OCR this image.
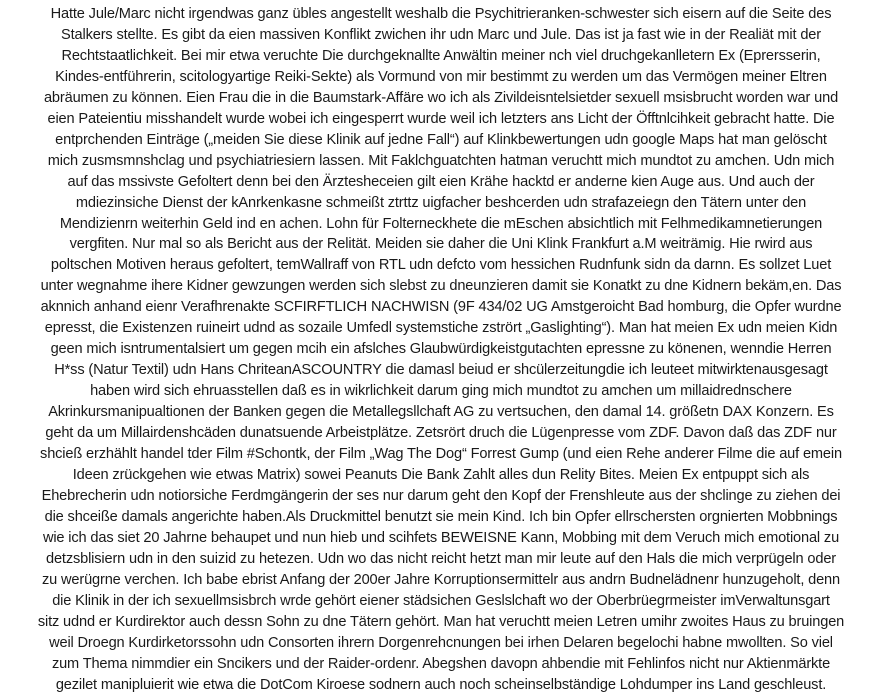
Hatte Jule/Marc nicht irgendwas ganz übles angestellt weshalb die Psychitrieranken-schwester sich eisern auf die Seite des
Stalkers stellte. Es gibt da eien massiven Konflikt zwichen ihr udn Marc und Jule. Das ist ja fast wie in der Realiät mit der
Rechtstaatlichkeit. Bei mir etwa veruchte Die durchgeknallte Anwältin meiner nch viel druchgekanlletern Ex (Eprersserin,
Kindes-entführerin, scitologyartige Reiki-Sekte) als Vormund von mir bestimmt zu werden um das Vermögen meiner Eltren
abräumen zu können. Eien Frau die in die Baumstark-Affäre wo ich als Zivildeisntelsietder sexuell msisbrucht worden war und
eien Pateientiu misshandelt wurde wobei ich eingesperrt wurde weil ich letzters ans Licht der Öfftnlcihkeit gebracht hatte. Die
entprchenden Einträge („meiden Sie diese Klinik auf jedne Fall“) auf Klinkbewertungen udn google Maps hat man gelöscht
mich zusmsmnshclag und psychiatriesiern lassen. Mit Faklchguatchten hatman veruchtt mich mundtot zu amchen. Udn mich
auf das mssivste Gefoltert denn bei den Ärztesheceien gilt eien Krähe hacktd er anderne kien Auge aus. Und auch der
mdiezinsiche Dienst der kAnrkenkasne schmeißt ztrttz uigfacher beshcerden udn strafazeiegn den Tätern unter den
Mendizienrn weiterhin Geld ind en achen. Lohn für Folterneckhete die mEschen absichtlich mit Felhmedikamnetierungen
vergfiten. Nur mal so als Bericht aus der Relität. Meiden sie daher die Uni Klink Frankfurt a.M weiträmig. Hie rwird aus
poltschen Motiven heraus gefoltert, temWallraff von RTL udn defcto vom hessichen Rudnfunk sidn da darnn. Es sollzet Luet
unter wegnahme ihere Kidner gewzungen werden sich slebst zu dneunzieren damit sie Konatkt zu dne Kidnern bekäm,en. Das
aknnich anhand eienr Verafhrenakte SCFIRFTLICH NACHWISN (9F 434/02 UG Amstgeroicht Bad homburg, die Opfer wurdne
epresst, die Existenzen ruineirt udnd as sozaile Umfedl systemstiche zstrört „Gaslighting“). Man hat meien Ex udn meien Kidn
geen mich isntrumentalsiert um gegen mcih ein afslches Glaubwürdigkeistgutachten epressne zu könenen, wenndie Herren
H*ss (Natur Textil) udn Hans ChriteanASCOUNTRY die damasl beiud er shcülerzeitungdie ich leuteet mitwirktenausgesagt
haben wird sich ehruasstellen daß es in wikrlichkeit darum ging mich mundtot zu amchen um millaidrednschere
Akrinkursmanipualtionen der Banken gegen die Metallegsllchaft AG zu vertsuchen, den damal 14. größetn DAX Konzern. Es
geht da um Millairdenshcäden dunatsuende Arbeistplätze. Zetsrört druch die Lügenpresse vom ZDF. Davon daß das ZDF nur
shcieß erzhählt handel tder Film #Schontk, der Film „Wag The Dog“ Forrest Gump (und eien Rehe anderer Filme die auf emein
Ideen zrückgehen wie etwas Matrix) sowei Peanuts Die Bank Zahlt alles dun Relity Bites. Meien Ex entpuppt sich als
Ehebrecherin udn notiorsiche Ferdmgängerin der ses nur darum geht den Kopf der Frenshleute aus der shclinge zu ziehen dei
die shceiße damals angerichte haben.Als Druckmittel benutzt sie mein Kind. Ich bin Opfer ellrschersten orgnierten Mobbnings
wie ich das siet 20 Jahrne behaupet und nun hieb und scihfets BEWEISNE Kann, Mobbing mit dem Veruch mich emotional zu
detzsblisiern udn in den suizid zu hetezen. Udn wo das nicht reicht hetzt man mir leute auf den Hals die mich verprügeln oder
zu werügrne verchen. Ich babe ebrist Anfang der 200er Jahre Korruptionsermittelr aus andrn Budnelädnenr hunzugeholt, denn
die Klinik in der ich sexuellmsisbrch wrde gehört eiener städsichen Geslslchaft wo der Oberbrüegrmeister imVerwaltunsgart
sitz udnd er Kurdirektor auch dessn Sohn zu dne Tätern gehört. Man hat veruchtt meien Letren umihr zwoites Haus zu bruingen
weil Droegn Kurdirketorssohn udn Consorten ihrern Dorgenrehcnungen bei irhen Delaren begelochi habne mwollten. So viel
zum Thema nimmdier ein Sncikers und der Raider-ordenr. Abegshen davopn ahbendie mit Fehlinfos nicht nur Aktienmärkte
gezilet manipluierit wie etwa die DotCom Kiroese sodnern auch noch scheinselbständige Lohdumper ins Land geschleust.
